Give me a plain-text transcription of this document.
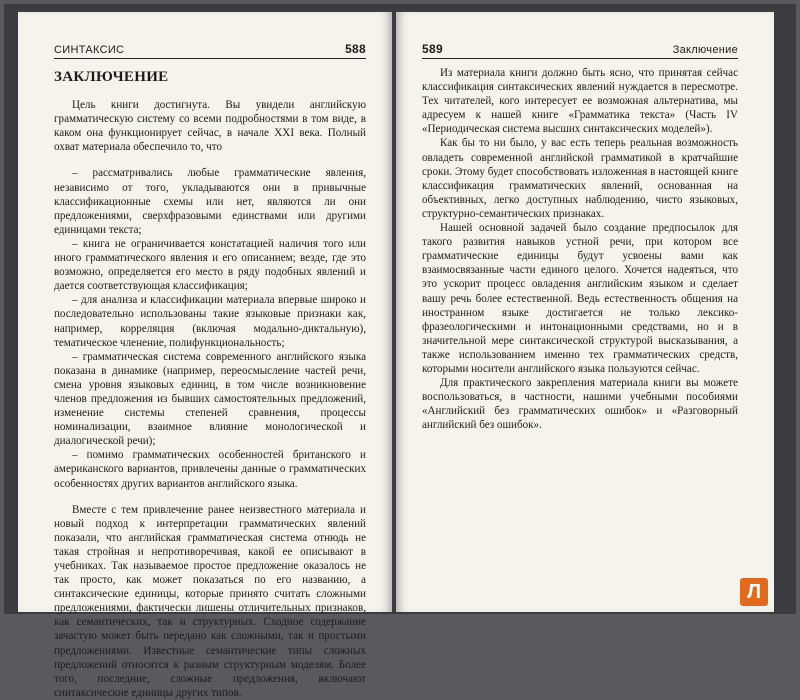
СИНТАКСИС	588
ЗАКЛЮЧЕНИЕ

Цель книги достигнута. Вы увидели английскую грамматическую систему со всеми подробностями в том виде, в каком она функционирует сейчас, в начале XXI века. Полный охват материала обеспечило то, что

– рассматривались любые грамматические явления, независимо от того, укладываются они в привычные классификационные схемы или нет, являются ли они предложениями, сверхфразовыми единствами или другими единицами текста;

– книга не ограничивается констатацией наличия того или иного грамматического явления и его описанием; везде, где это возможно, определяется его место в ряду подобных явлений и дается соответствующая классификация;

– для анализа и классификации материала впервые широко и последовательно использованы такие языковые признаки как, например, корреляция (включая модально-диктальную), тематическое членение, полифункциональность;

– грамматическая система современного английского языка показана в динамике (например, переосмысление частей речи, смена уровня языковых единиц, в том числе возникновение членов предложения из бывших самостоятельных предложений, изменение системы степеней сравнения, процессы номинализации, взаимное влияние монологической и диалогической речи);

– помимо грамматических особенностей британского и американского вариантов, привлечены данные о грамматических особенностях других вариантов английского языка.

Вместе с тем привлечение ранее неизвестного материала и новый подход к интерпретации грамматических явлений показали, что английская грамматическая система отнюдь не такая стройная и непротиворечивая, какой ее описывают в учебниках. Так называемое простое предложение оказалось не так просто, как может показаться по его названию, а синтаксические единицы, которые принято считать сложными предложениями, фактически лишены отличительных признаков, как семантических, так и структурных. Сходное содержание зачастую может быть передано как сложными, так и простыми предложениями. Известные семантические типы сложных предложений относятся к разным структурным моделям. Более того, последние, сложные предложения, включают синтаксические единицы других типов.

589	Заключение

Из материала книги должно быть ясно, что принятая сейчас классификация синтаксических явлений нуждается в пересмотре. Тех читателей, кого интересует ее возможная альтернатива, мы адресуем к нашей книге «Грамматика текста» (Часть IV «Периодическая система высших синтаксических моделей»).

Как бы то ни было, у вас есть теперь реальная возможность овладеть современной английской грамматикой в кратчайшие сроки. Этому будет способствовать изложенная в настоящей книге классификация грамматических явлений, основанная на объективных, легко доступных наблюдению, чисто языковых, структурно-семантических признаках.

Нашей основной задачей было создание предпосылок для такого развития навыков устной речи, при котором все грамматические единицы будут усвоены вами как взаимосвязанные части единого целого. Хочется надеяться, что это ускорит процесс овладения английским языком и сделает вашу речь более естественной. Ведь естественность общения на иностранном языке достигается не только лексико-фразеологическими и интонационными средствами, но и в значительной мере синтаксической структурой высказывания, а также использованием именно тех грамматических средств, которыми носители английского языка пользуются сейчас.

Для практического закрепления материала книги вы можете воспользоваться, в частности, нашими учебными пособиями «Английский без грамматических ошибок» и «Разговорный английский без ошибок».

Л
